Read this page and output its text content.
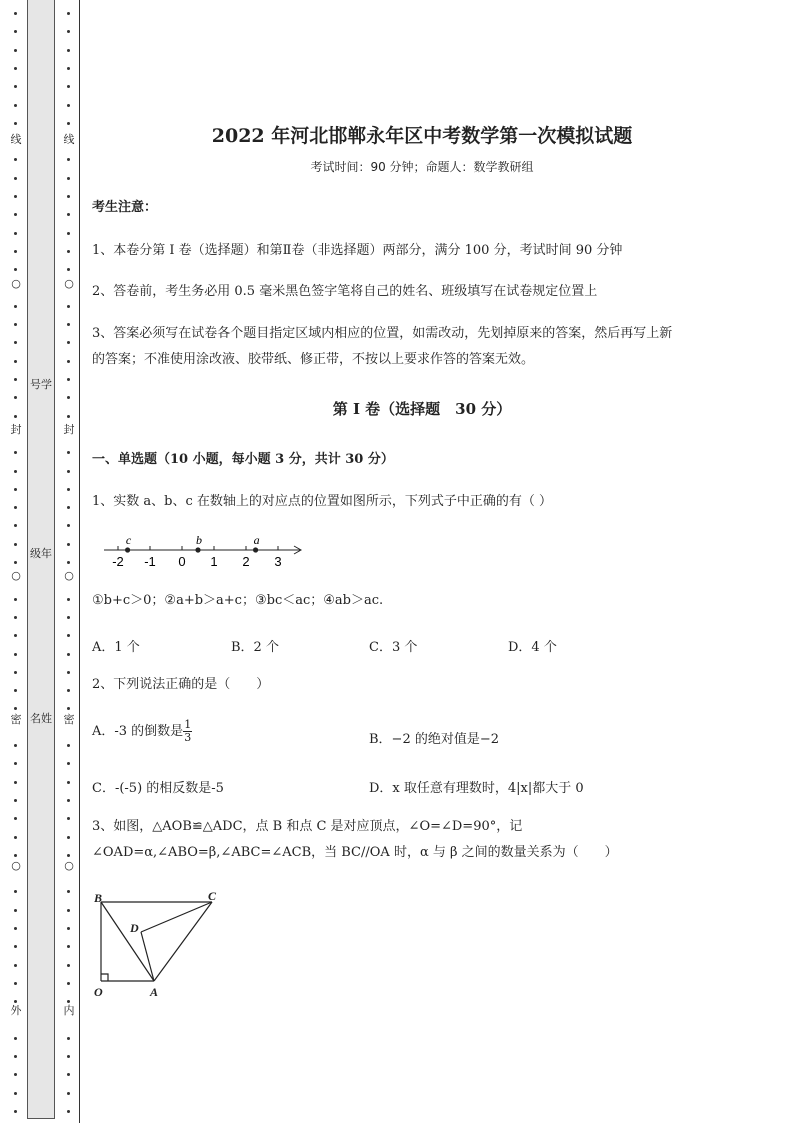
线
○
封
○
密
○
外
号学
级年
名姓
线
○
封
○
密
○
内
2022 年河北邯郸永年区中考数学第一次模拟试题
考试时间：90 分钟；命题人：数学教研组
考生注意：
1、本卷分第 I 卷（选择题）和第Ⅱ卷（非选择题）两部分，满分 100 分，考试时间 90 分钟
2、答卷前，考生务必用 0.5 毫米黑色签字笔将自己的姓名、班级填写在试卷规定位置上
3、答案必须写在试卷各个题目指定区域内相应的位置，如需改动，先划掉原来的答案，然后再写上新
的答案；不准使用涂改液、胶带纸、修正带，不按以上要求作答的答案无效。
第 I 卷（选择题　30 分）
一、单选题（10 小题，每小题 3 分，共计 30 分）
1、实数 a、b、c 在数轴上的对应点的位置如图所示，下列式子中正确的有（ ）
-2 -1 0 1 2 3
c	b	a
①b+c＞0；②a+b＞a+c；③bc＜ac；④ab＞ac.
A．1 个	B．2 个	C．3 个	D．4 个
2、下列说法正确的是（　　）
A．-3 的倒数是 $\frac{1}{3}$	B．−2 的绝对值是−2
C．-(-5) 的相反数是-5	D．x 取任意有理数时，4|x|都大于 0
3、如图，△AOB≌△ADC，点 B 和点 C 是对应顶点，∠O=∠D=90°，记
∠OAD=α,∠ABO=β,∠ABC=∠ACB，当 BC//OA 时，α 与 β 之间的数量关系为（　　）
B	C
D
O	A
